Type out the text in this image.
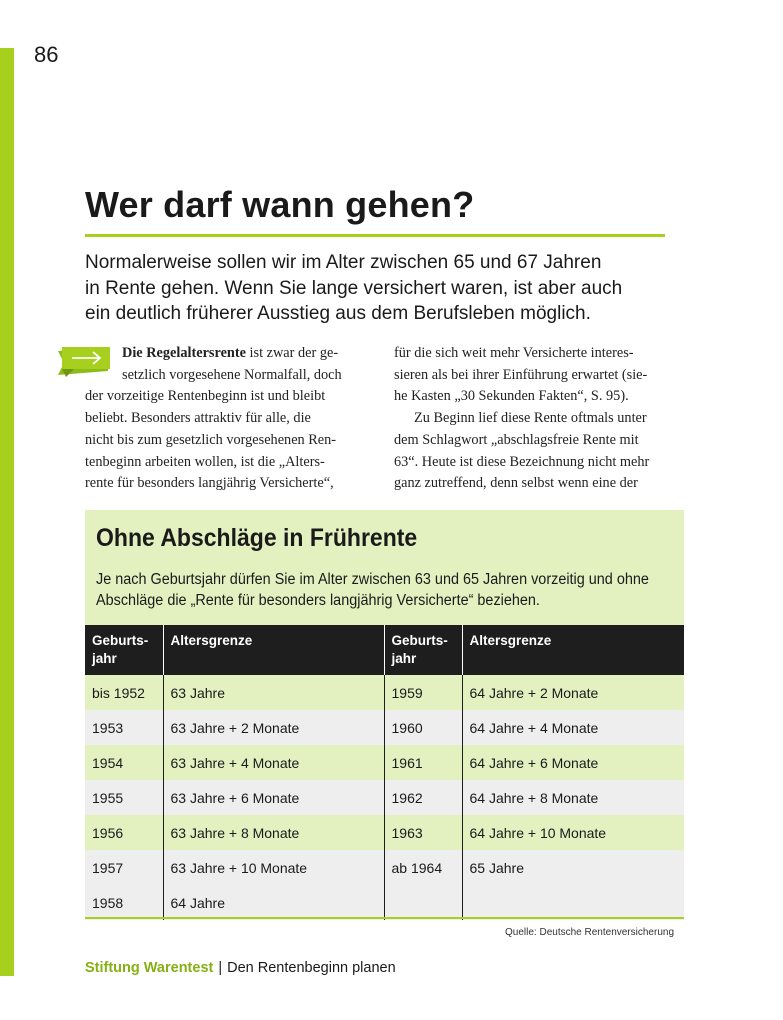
86
Wer darf wann gehen?

Normalerweise sollen wir im Alter zwischen 65 und 67 Jahren

in Rente gehen. Wenn Sie lange versichert waren, ist aber auch

ein deutlich früherer Ausstieg aus dem Berufsleben möglich.

Die Regelaltersrente ist zwar der ge-

setzlich vorgesehene Normalfall, doch

der vorzeitige Rentenbeginn ist und bleibt

beliebt. Besonders attraktiv für alle, die

nicht bis zum gesetzlich vorgesehenen Ren-

tenbeginn arbeiten wollen, ist die „Alters-

rente für besonders langjährig Versicherte“,

für die sich weit mehr Versicherte interes-

sieren als bei ihrer Einführung erwartet (sie-

he Kasten „30 Sekunden Fakten“, S. 95).

Zu Beginn lief diese Rente oftmals unter

dem Schlagwort „abschlagsfreie Rente mit

63“. Heute ist diese Bezeichnung nicht mehr

ganz zutreffend, denn selbst wenn eine der

Ohne Abschläge in Frührente

Je nach Geburtsjahr dürfen Sie im Alter zwischen 63 und 65 Jahren vorzeitig und ohne

Abschläge die „Rente für besonders langjährig Versicherte“ beziehen.

Geburts-
jahr	Altersgrenze	Geburts-
jahr	Altersgrenze
bis 1952	63 Jahre	1959	64 Jahre + 2 Monate
1953	63 Jahre + 2 Monate	1960	64 Jahre + 4 Monate
1954	63 Jahre + 4 Monate	1961	64 Jahre + 6 Monate
1955	63 Jahre + 6 Monate	1962	64 Jahre + 8 Monate
1956	63 Jahre + 8 Monate	1963	64 Jahre + 10 Monate
1957	63 Jahre + 10 Monate	ab 1964	65 Jahre
1958	64 Jahre		
Quelle: Deutsche Rentenversicherung
Stiftung Warentest | Den Rentenbeginn planen
